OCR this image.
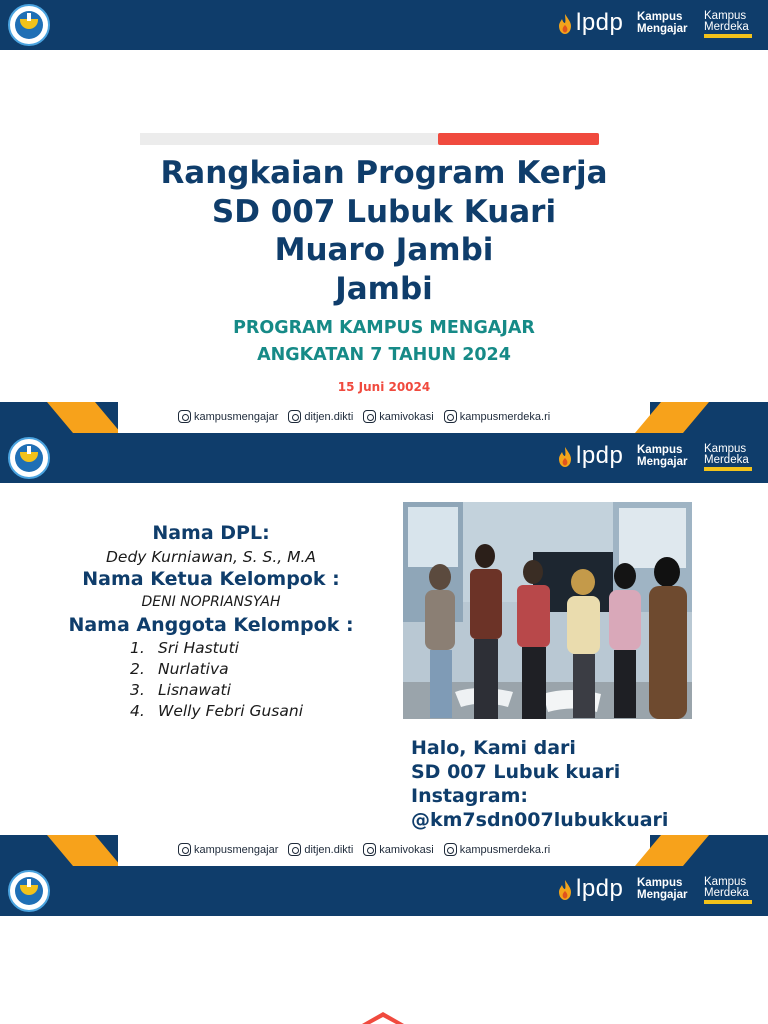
lpdp Kampus
Mengajar
Kampus
Merdeka
lpdp Kampus
Mengajar
Kampus
Merdeka
lpdp Kampus
Mengajar
Kampus
Merdeka
Rangkaian Program Kerja
SD 007 Lubuk Kuari
Muaro Jambi
Jambi
PROGRAM KAMPUS MENGAJAR
ANGKATAN 7 TAHUN 2024
15 Juni 20024
Nama DPL:
Dedy Kurniawan, S. S., M.A
Nama Ketua Kelompok :
DENI NOPRIANSYAH
Nama Anggota Kelompok :
1. Sri Hastuti
2. Nurlativa
3. Lisnawati
4. Welly Febri Gusani
Halo, Kami dari
SD 007 Lubuk kuari
Instagram:
@km7sdn007lubukkuari
kampusmengajar ditjen.dikti kamivokasi kampusmerdeka.ri
kampusmengajar ditjen.dikti kamivokasi kampusmerdeka.ri
